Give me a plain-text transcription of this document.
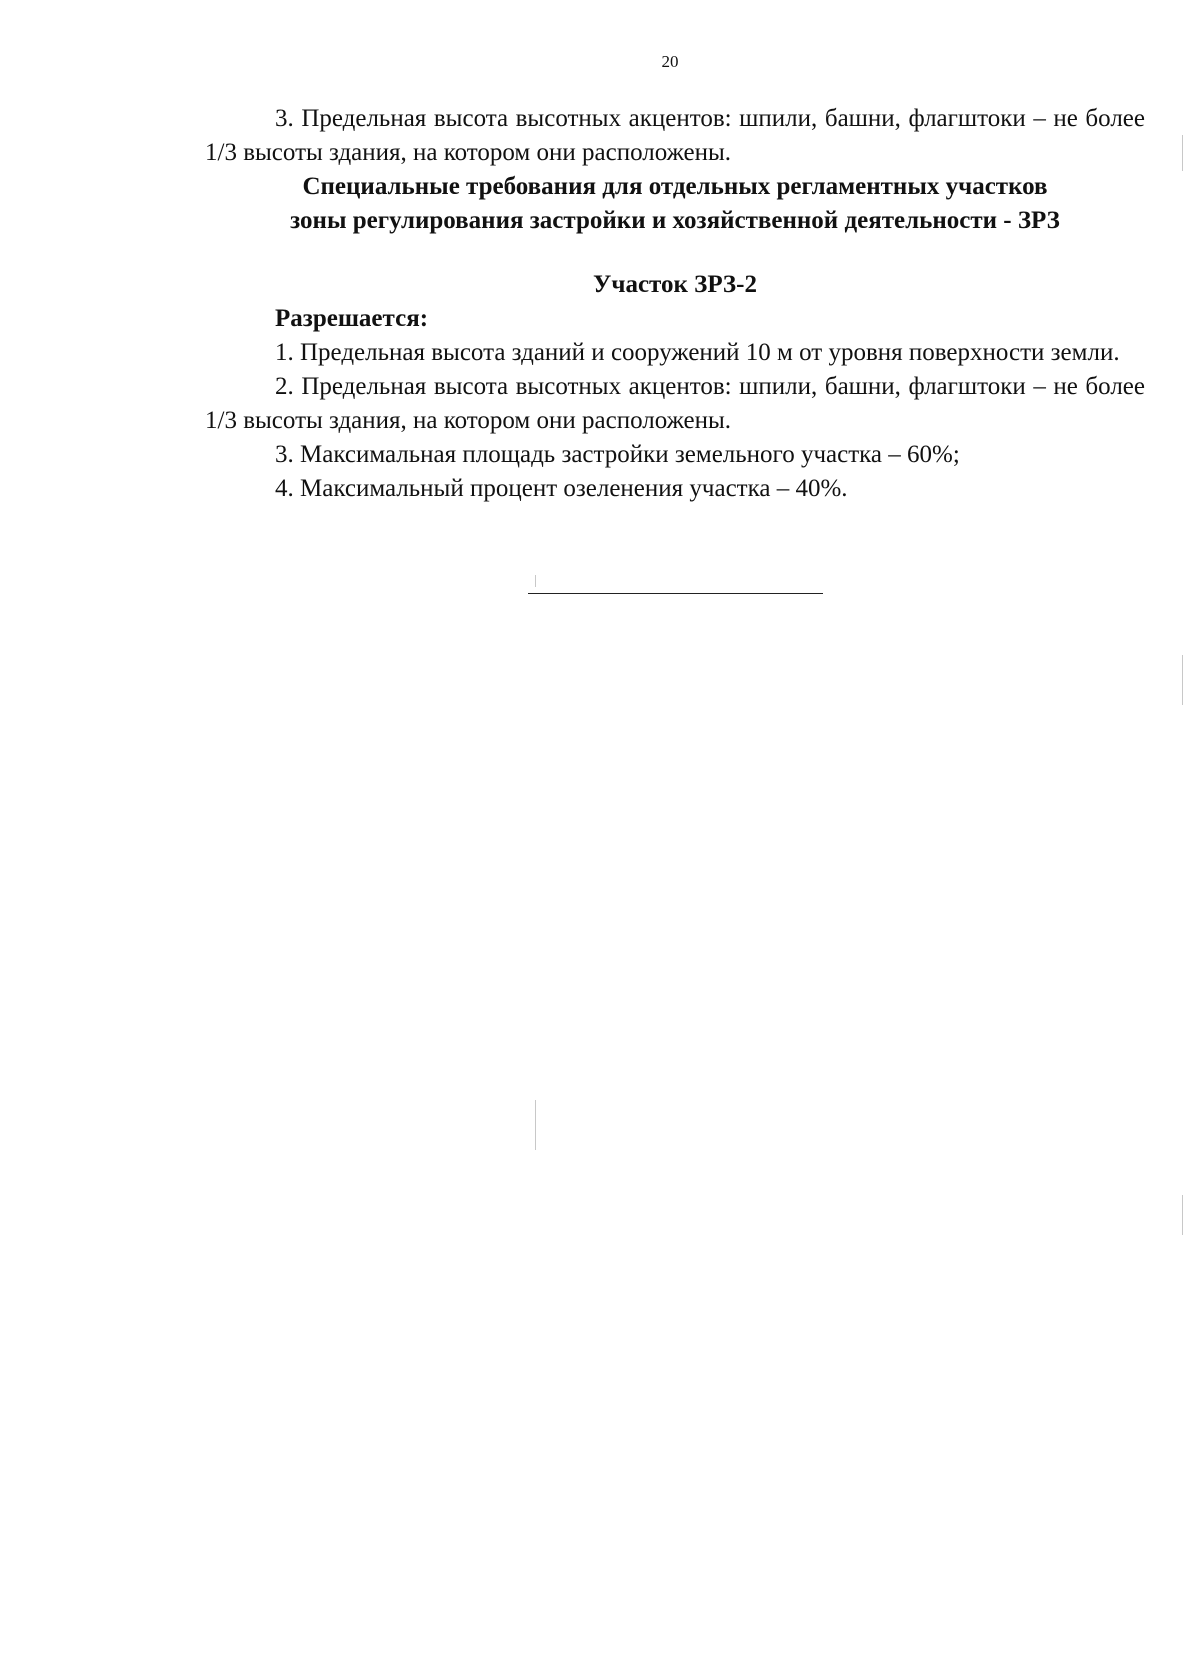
20

3. Предельная высота высотных акцентов: шпили, башни, флагштоки – не более 1/3 высоты здания, на котором они расположены.

Специальные требования для отдельных регламентных участков

зоны регулирования застройки и хозяйственной деятельности - ЗРЗ

Участок ЗРЗ-2

Разрешается:

1. Предельная высота зданий и сооружений 10 м от уровня поверхности земли.

2. Предельная высота высотных акцентов: шпили, башни, флагштоки – не более 1/3 высоты здания, на котором они расположены.

3. Максимальная площадь застройки земельного участка – 60%;

4. Максимальный процент озеленения участка – 40%.
